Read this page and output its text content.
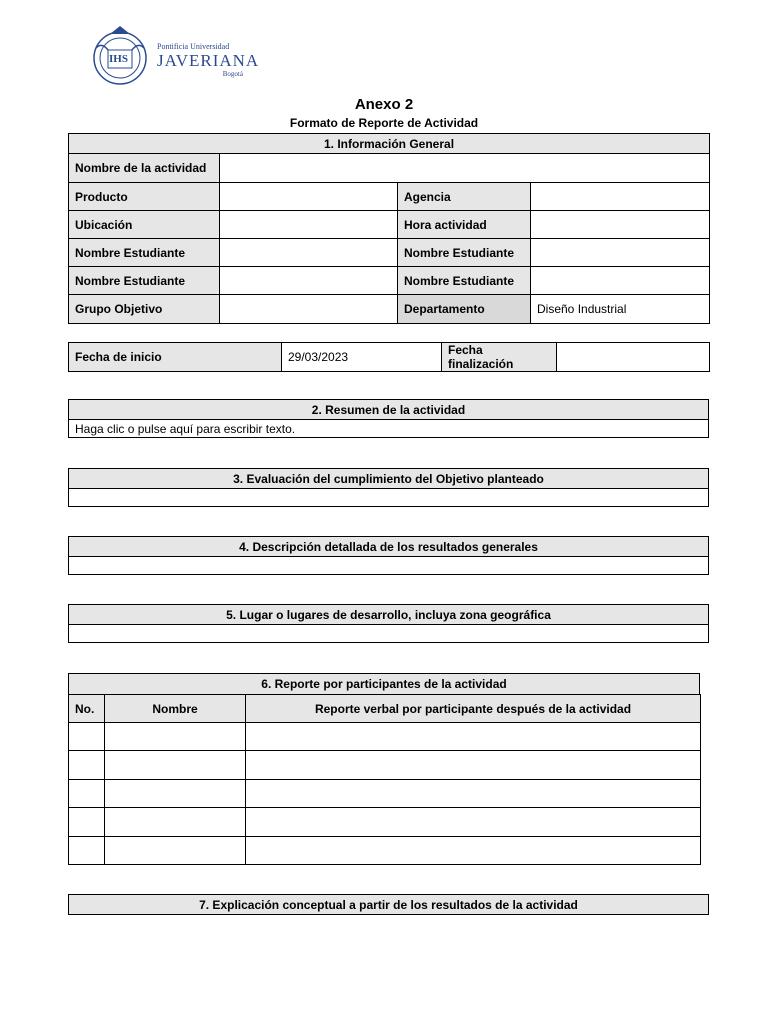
IHS
Pontificia Universidad
JAVERIANA
Bogotá
Anexo 2
Formato de Reporte de Actividad
1. Información General			
Nombre de la actividad			
Producto		Agencia	
Ubicación		Hora actividad	
Nombre Estudiante		Nombre Estudiante	
Nombre Estudiante		Nombre Estudiante	
Grupo Objetivo		Departamento	Diseño Industrial
Fecha de inicio	29/03/2023	Fecha finalización	
2. Resumen de la actividad
Haga clic o pulse aquí para escribir texto.
3. Evaluación del cumplimiento del Objetivo planteado

4. Descripción detallada de los resultados generales

5. Lugar o lugares de desarrollo, incluya zona geográfica

6. Reporte por participantes de la actividad
No.	Nombre	Reporte verbal por participante después de la actividad

7. Explicación conceptual a partir de los resultados de la actividad
